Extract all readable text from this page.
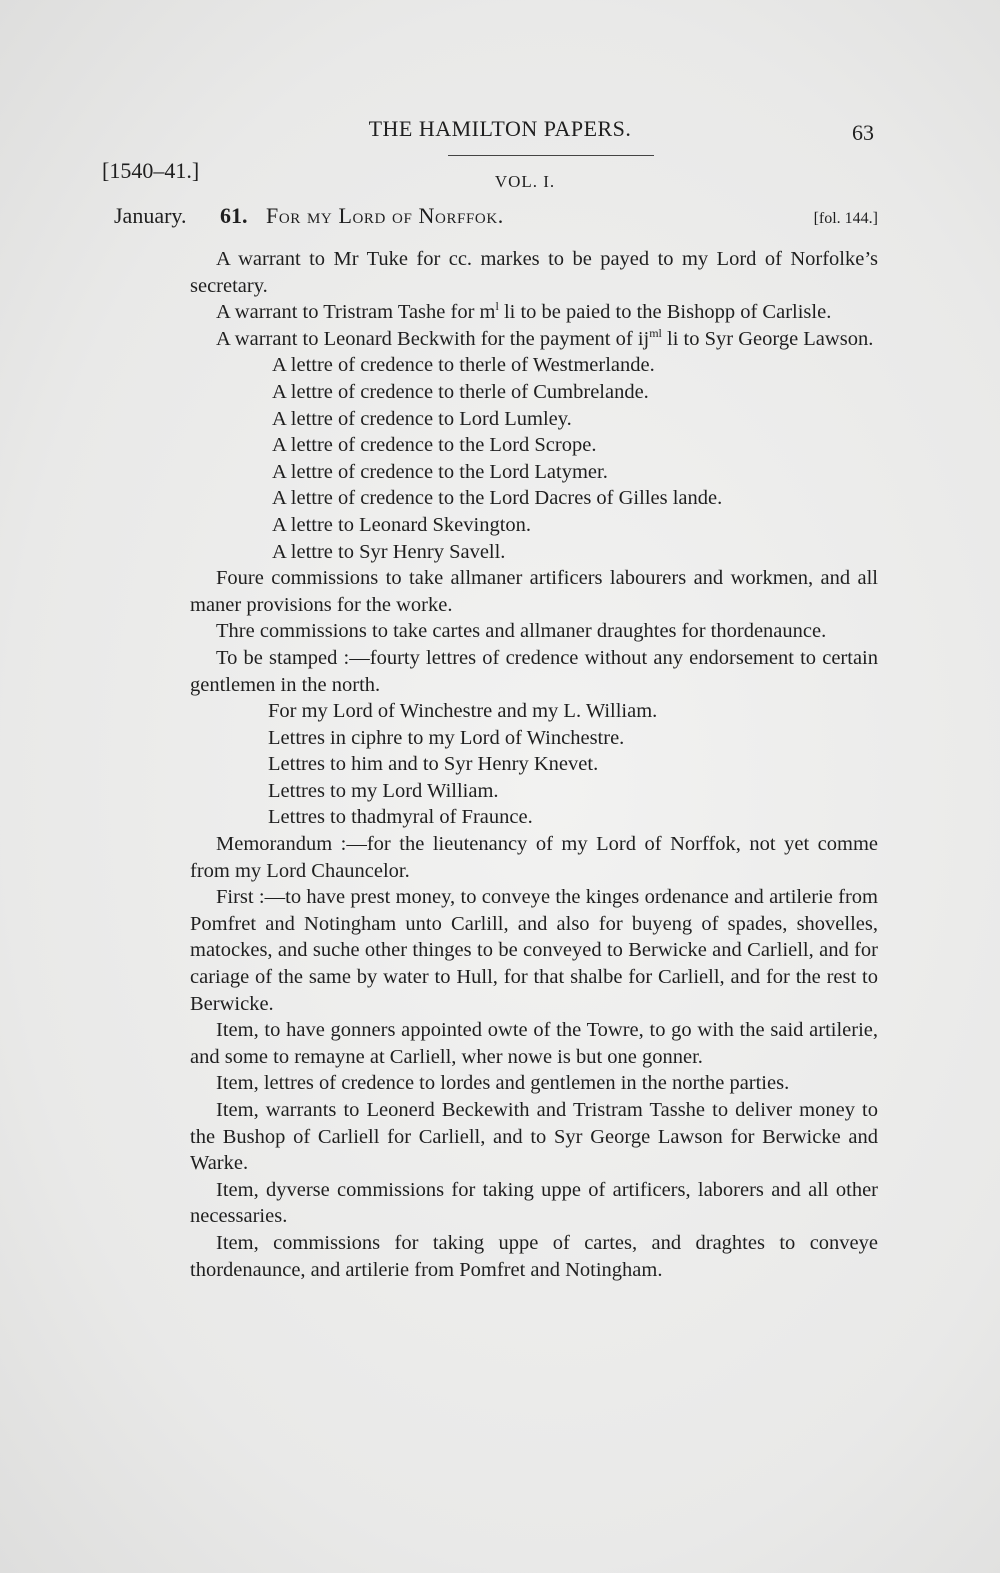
THE HAMILTON PAPERS.	63
[1540–41.]	VOL. I.
January. 61. For my Lord of Norffok.	[fol. 144.]

A warrant to Mr Tuke for cc. markes to be payed to my Lord of Norfolke’s secretary.

A warrant to Tristram Tashe for $m^l$ li to be paied to the Bishopp of Carlisle.

A warrant to Leonard Beckwith for the payment of $ij^{ml}$ li to Syr George Lawson.

A lettre of credence to therle of Westmerlande.

A lettre of credence to therle of Cumbrelande.

A lettre of credence to Lord Lumley.

A lettre of credence to the Lord Scrope.

A lettre of credence to the Lord Latymer.

A lettre of credence to the Lord Dacres of Gilles lande.

A lettre to Leonard Skevington.

A lettre to Syr Henry Savell.

Foure commissions to take allmaner artificers labourers and workmen, and all maner provisions for the worke.

Thre commissions to take cartes and allmaner draughtes for thordenaunce.

To be stamped :—fourty lettres of credence without any endorsement to certain gentlemen in the north.

For my Lord of Winchestre and my L. William.

Lettres in ciphre to my Lord of Winchestre.

Lettres to him and to Syr Henry Knevet.

Lettres to my Lord William.

Lettres to thadmyral of Fraunce.

Memorandum :—for the lieutenancy of my Lord of Norffok, not yet comme from my Lord Chauncelor.

First :—to have prest money, to conveye the kinges ordenance and artilerie from Pomfret and Notingham unto Carlill, and also for buyeng of spades, shovelles, matockes, and suche other thinges to be conveyed to Berwicke and Carliell, and for cariage of the same by water to Hull, for that shalbe for Carliell, and for the rest to Berwicke.

Item, to have gonners appointed owte of the Towre, to go with the said artilerie, and some to remayne at Carliell, wher nowe is but one gonner.

Item, lettres of credence to lordes and gentlemen in the northe parties.

Item, warrants to Leonerd Beckewith and Tristram Tasshe to deliver money to the Bushop of Carliell for Carliell, and to Syr George Lawson for Berwicke and Warke.

Item, dyverse commissions for taking uppe of artificers, laborers and all other necessaries.

Item, commissions for taking uppe of cartes, and draghtes to conveye thordenaunce, and artilerie from Pomfret and Notingham.
